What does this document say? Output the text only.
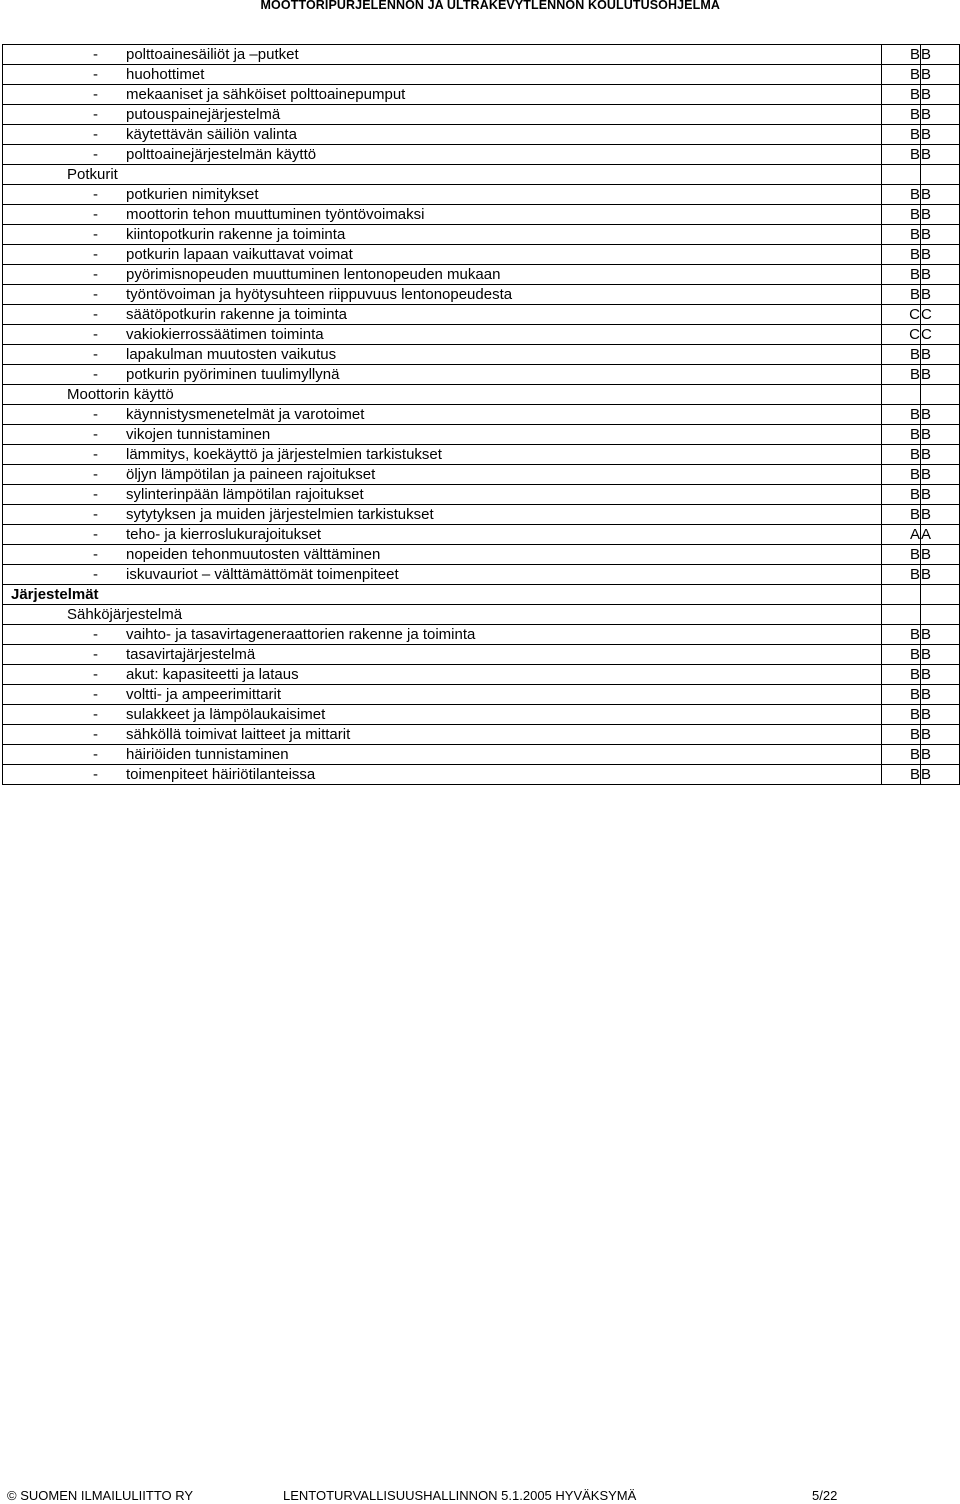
MOOTTORIPURJELENNON JA ULTRAKEVYTLENNON KOULUTUSOHJELMA
- polttoainesäiliöt ja –putket	B	B
- huohottimet	B	B
- mekaaniset ja sähköiset polttoainepumput	B	B
- putouspainejärjestelmä	B	B
- käytettävän säiliön valinta	B	B
- polttoainejärjestelmän käyttö	B	B
Potkurit		
- potkurien nimitykset	B	B
- moottorin tehon muuttuminen työntövoimaksi	B	B
- kiintopotkurin rakenne ja toiminta	B	B
- potkurin lapaan vaikuttavat voimat	B	B
- pyörimisnopeuden muuttuminen lentonopeuden mukaan	B	B
- työntövoiman ja hyötysuhteen riippuvuus lentonopeudesta	B	B
- säätöpotkurin rakenne ja toiminta	C	C
- vakiokierrossäätimen toiminta	C	C
- lapakulman muutosten vaikutus	B	B
- potkurin pyöriminen tuulimyllynä	B	B
Moottorin käyttö		
- käynnistysmenetelmät ja varotoimet	B	B
- vikojen tunnistaminen	B	B
- lämmitys, koekäyttö ja järjestelmien tarkistukset	B	B
- öljyn lämpötilan ja paineen rajoitukset	B	B
- sylinterinpään lämpötilan rajoitukset	B	B
- sytytyksen ja muiden järjestelmien tarkistukset	B	B
- teho- ja kierroslukurajoitukset	A	A
- nopeiden tehonmuutosten välttäminen	B	B
- iskuvauriot – välttämättömät toimenpiteet	B	B
Järjestelmät		
Sähköjärjestelmä		
- vaihto- ja tasavirtageneraattorien rakenne ja toiminta	B	B
- tasavirtajärjestelmä	B	B
- akut: kapasiteetti ja lataus	B	B
- voltti- ja ampeerimittarit	B	B
- sulakkeet ja lämpölaukaisimet	B	B
- sähköllä toimivat laitteet ja mittarit	B	B
- häiriöiden tunnistaminen	B	B
- toimenpiteet häiriötilanteissa	B	B
© SUOMEN ILMAILULIITTO RY	LENTOTURVALLISUUSHALLINNON 5.1.2005 HYVÄKSYMÄ	5/22
